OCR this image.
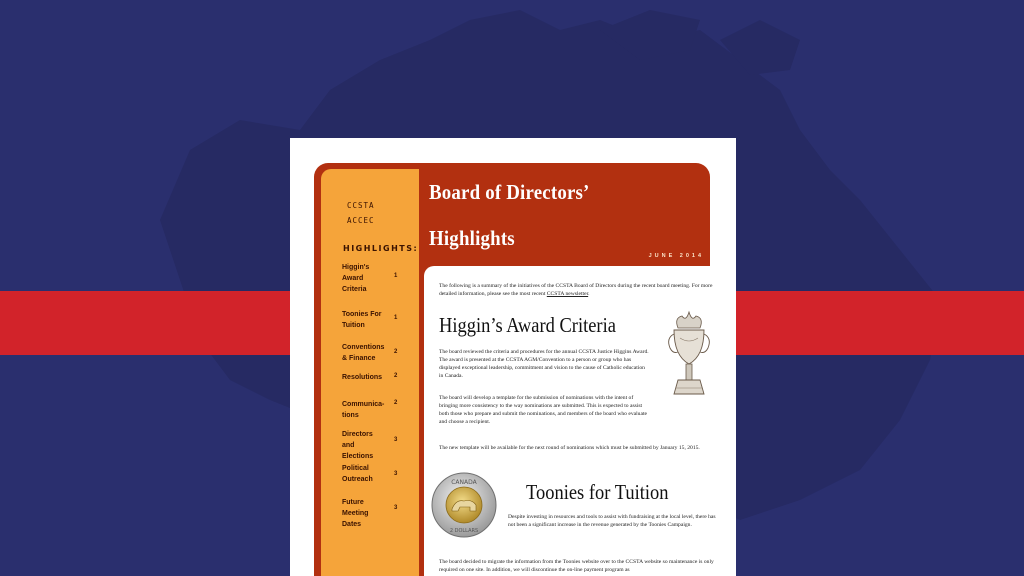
CCSTA
ACCEC
HIGHLIGHTS:
Higgin's Award Criteria
1
Toonies For Tuition
1
Conventions & Finance
2
Resolutions	2
Communica-tions
2
Directors and Elections
3
Political Outreach
3
Future Meeting Dates
3
Board of Directors’
Highlights
JUNE 2014
The following is a summary of the initiatives of the CCSTA Board of Directors during the recent board meeting. For more detailed information, please see the most recent CCSTA newsletter.
Higgin’s Award Criteria
The board reviewed the criteria and procedures for the annual CCSTA Justice Higgins Award. The award is presented at the CCSTA AGM/Convention to a person or group who has displayed exceptional leadership, commitment and vision to the cause of Catholic education in Canada.
The board will develop a template for the submission of nominations with the intent of bringing more consistency to the way nominations are submitted. This is expected to assist both those who prepare and submit the nominations, and members of the board who evaluate and choose a recipient.
The new template will be available for the next round of nominations which must be submitted by January 15, 2015.
CANADA
2 DOLLARS
Toonies for Tuition
Despite investing in resources and tools to assist with fundraising at the local level, there has not been a significant increase in the revenue generated by the Toonies Campaign.
The board decided to migrate the information from the Toonies website over to the CCSTA website so maintenance is only required on one site. In addition, we will discontinue the on-line payment program as
